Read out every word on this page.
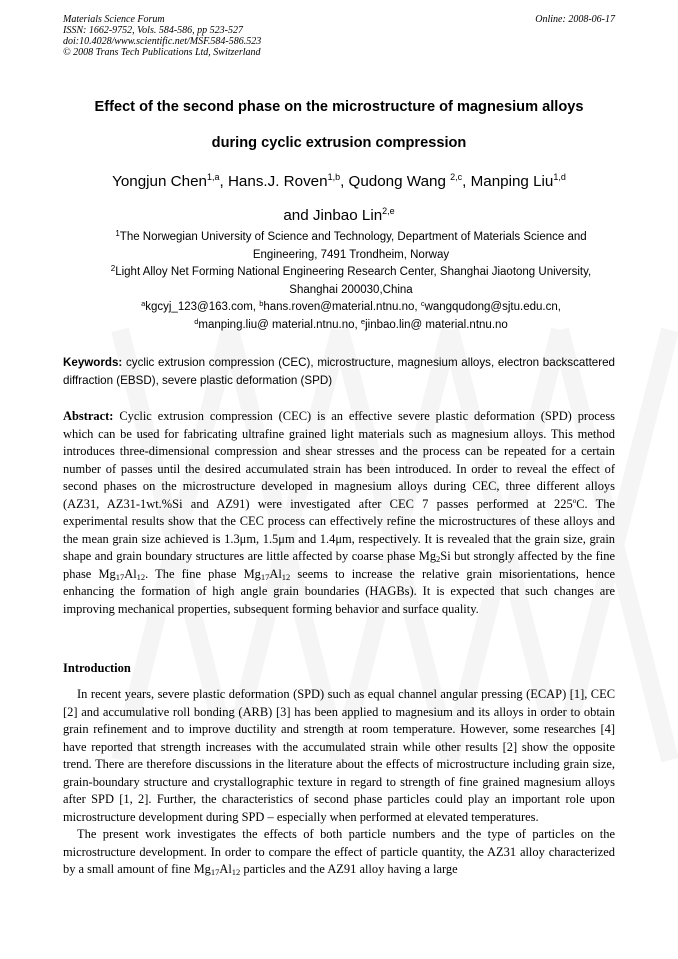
Materials Science Forum
ISSN: 1662-9752, Vols. 584-586, pp 523-527
doi:10.4028/www.scientific.net/MSF.584-586.523
© 2008 Trans Tech Publications Ltd, Switzerland
Online: 2008-06-17
Effect of the second phase on the microstructure of magnesium alloys
during cyclic extrusion compression
Yongjun Chen$^{1,a}$, Hans.J. Roven$^{1,b}$, Qudong Wang $^{2,c}$, Manping Liu$^{1,d}$
and Jinbao Lin$^{2,e}$

$^1$The Norwegian University of Science and Technology, Department of Materials Science and Engineering, 7491 Trondheim, Norway

$^2$Light Alloy Net Forming National Engineering Research Center, Shanghai Jiaotong University, Shanghai 200030,China

$^a$kgcyj_123@163.com, $^b$hans.roven@material.ntnu.no, $^c$wangqudong@sjtu.edu.cn,
$^d$manping.liu@ material.ntnu.no, $^e$jinbao.lin@ material.ntnu.no
Keywords: cyclic extrusion compression (CEC), microstructure, magnesium alloys, electron backscattered diffraction (EBSD), severe plastic deformation (SPD)
Abstract: Cyclic extrusion compression (CEC) is an effective severe plastic deformation (SPD) process which can be used for fabricating ultrafine grained light materials such as magnesium alloys. This method introduces three-dimensional compression and shear stresses and the process can be repeated for a certain number of passes until the desired accumulated strain has been introduced. In order to reveal the effect of second phases on the microstructure developed in magnesium alloys during CEC, three different alloys (AZ31, AZ31-1wt.%Si and AZ91) were investigated after CEC 7 passes performed at 225$^o$C. The experimental results show that the CEC process can effectively refine the microstructures of these alloys and the mean grain size achieved is 1.3μm, 1.5μm and 1.4μm, respectively. It is revealed that the grain size, grain shape and grain boundary structures are little affected by coarse phase $Mg_2Si$ but strongly affected by the fine phase $Mg_{17}Al_{12}$. The fine phase $Mg_{17}Al_{12}$ seems to increase the relative grain misorientations, hence enhancing the formation of high angle grain boundaries (HAGBs). It is expected that such changes are improving mechanical properties, subsequent forming behavior and surface quality.
Introduction

In recent years, severe plastic deformation (SPD) such as equal channel angular pressing (ECAP) [1], CEC [2] and accumulative roll bonding (ARB) [3] has been applied to magnesium and its alloys in order to obtain grain refinement and to improve ductility and strength at room temperature. However, some researches [4] have reported that strength increases with the accumulated strain while other results [2] show the opposite trend. There are therefore discussions in the literature about the effects of microstructure including grain size, grain-boundary structure and crystallographic texture in regard to strength of fine grained magnesium alloys after SPD [1, 2]. Further, the characteristics of second phase particles could play an important role upon microstructure development during SPD – especially when performed at elevated temperatures.

The present work investigates the effects of both particle numbers and the type of particles on the microstructure development. In order to compare the effect of particle quantity, the AZ31 alloy characterized by a small amount of fine $Mg_{17}Al_{12}$ particles and the AZ91 alloy having a large
